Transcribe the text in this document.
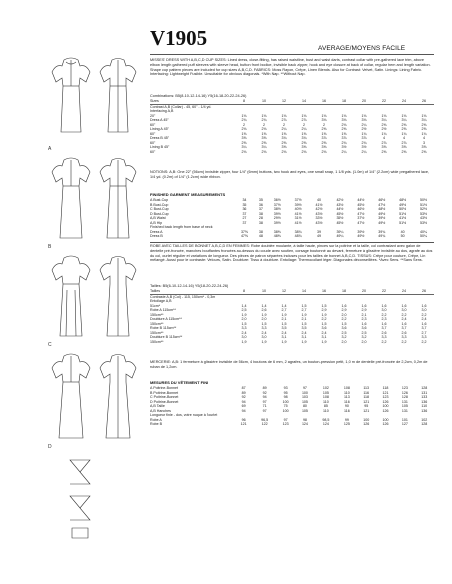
A
B
C
D
V1905	AVERAGE/MOYENS FACILE
MISSES' DRESS WITH A,B,C,D CUP SIZES: Lined dress, close-fitting, has raised waistline, bust and waist darts, contrast collar with pre-gathered lace trim, above elbow length gathered puff sleeves with sleeve head, button front bodice, invisible back zipper, hook and eye closure at back of collar, regular hem and length variation. Shape cup pattern pieces are included for cup sizes A,B,C,D. FABRICS: Moss Rayon, Crêpe, Linen Blends. Also for Contrast: Velvet, Satin. Linings: Lining Fabric. Interfacing: Lightweight Fusible. Unsuitable for obvious diagonals. *With Nap. **Without Nap.
Combinations: B5(8-10-12-14-16) Y5(16-18-20-22-24-26)
Sizes	8	10	12	14	16	18	20	22	24	26
Contrast A,B (Collar) - 45, 60" - 1/4 yd.										
Interfacing A,B										
20"	1⅛	1⅛	1⅛	1⅛	1⅛	1⅛	1⅛	1⅛	1⅛	1⅛
Dress A 45"	2¾	2¾	2⅞	2⅞	3⅛	3⅛	3⅛	3¼	3¼	3¼
60"	2	2	2	2	2	2⅛	2¼	2⅜	2⅜	2⅜
Lining A 45"	2⅛	2⅛	2¼	2¼	2⅜	2⅜	2½	2½	2⅝	2⅝
60"	1⅝	1⅝	1⅝	1⅝	1⅝	1⅝	1¾	1¾	1¾	1¾
Dress B 45"	3⅝	3⅝	3¾	3¾	3⅞	3⅞	3⅞	4	4	4
60"	2⅝	2⅝	2⅝	2⅝	2⅝	2¾	2¾	2⅞	2⅞	3
Lining B 45"	3¼	3¼	3⅜	3⅜	3⅜	3½	3½	3⅝	3⅝	3⅝
60"	2⅛	2⅛	2⅛	2⅛	2⅛	2¼	2¼	2⅜	2⅜	2⅜
NOTIONS: A,B: One 22" (56cm) invisible zipper, four 1/4" (6mm) buttons, two hook and eyes, one small snap, 1 1/8 yds. (1.0m) of 1/4" (2.2cm) wide pregathered lace, 1/4 yd. (0.2m) of 1/4" (1.2cm) wide ribbon.
FINISHED GARMENT MEASUREMENTS
A Bust-Cup	34	35	36½	37½	40	42½	44½	46½	48½	50½
B Bust-Cup	35	36	37½	39½	41½	43½	45½	47½	49½	51½
C Bust-Cup	36	37	38½	40½	42½	44½	46½	48½	50½	52½
D Bust-Cup	37	38	39½	41½	43½	45½	47½	49½	51½	53½
A,B Waist	27	28	29½	31½	33½	35½	37½	39½	41½	43½
A,B Hip	37	38	39½	41½	43½	45½	47½	49½	51½	53½
Finished back length from base of neck										
Dress A	37⅝	38	38⅜	38¾	39	39¼	39½	39¾	40	40¼
Dress B	47⅝	48	48⅜	48¾	49	49¼	49½	49¾	50	50¼
ROBE AVEC TAILLES DE BONNET A,B,C,D EN FEMMES: Robe doublée moulante, à taille haute, pinces sur la poitrine et la taille, col contrastant avec galon de dentelle pré-froncée, manches bouffantes froncées au-dessus du coude avec soutien, corsage boutonné au devant, fermeture à glissière invisible au dos, agrafe au dos du col, ourlet régulier et variations de longueur. Des pièces de patron séparées incluses pour les tailles de bonnet A,B,C,D. TISSUS: Crêpe pour couture, Crêpe, Lin mélangé. Aussi pour le contraste: Velours, Satin. Doublure: Tissu à doublure. Entoilage: Thermocollant léger. Diagonales déconseillées. *Avec Sens. **Sans Sens.
Tailles: B5(6-10-12-14-16) Y5(18-20-22-24-26)
Tailles	8	10	12	14	16	18	20	22	24	26
Contraste A,B (Col) - 115, 150cm* - 0,3m										
Entoilage A,B										
51cm*	1,4	1,4	1,4	1,5	1,5	1,6	1,6	1,6	1,6	1,6
Robe A 115cm**	2,5	2,6	2,7	2,7	2,9	2,9	2,9	3,0	3,0	3,0
150cm**	1,9	1,9	1,9	1,9	1,9	2,0	2,1	2,2	2,2	2,2
Doublure A 115cm**	2,0	2,0	2,1	2,1	2,2	2,2	2,3	2,3	2,4	2,4
150cm**	1,5	1,5	1,5	1,5	1,5	1,5	1,6	1,6	1,6	1,6
Robe B 115cm**	3,3	3,3	3,5	3,5	3,6	3,6	3,6	3,7	3,7	3,7
150cm**	2,4	2,4	2,4	2,4	2,4	2,5	2,5	2,6	2,6	2,7
Doublure B 115cm**	3,0	3,0	3,1	3,1	3,1	3,2	3,2	3,3	3,3	3,3
150cm**	1,9	1,9	1,9	1,9	1,9	2,0	2,0	2,2	2,2	2,2
MERCERIE: A,B: 1 fermeture à glissière invisible de 56cm, 4 boutons de 6 mm, 2 agrafes, un bouton-pression petit, 1,0 m de dentelle pré-froncée de 2,2cm, 0,2m de ruban de 1,2cm.
MESURES DU VÊTEMENT FINI
A Poitrine-Bonnet	87	89	93	97	102	108	113	118	123	128
B Poitrine-Bonnet	89	92	95	100	105	110	116	121	126	131
C Poitrine-Bonnet	92	94	98	103	108	113	118	123	128	133
D Poitrine-Bonnet	94	97	100	105	110	116	121	126	131	136
A,B Taille	69	71	75	80	85	90	95	100	105	110
A,B Hanches	94	97	100	105	110	116	121	126	131	136
Longueur finie - dos, votre nuque à l'ourlet										
Robe A	96	96,5	97	98	98,5	99	100	100	101	102
Robe B	121	122	123	124	124	125	126	126	127	128
